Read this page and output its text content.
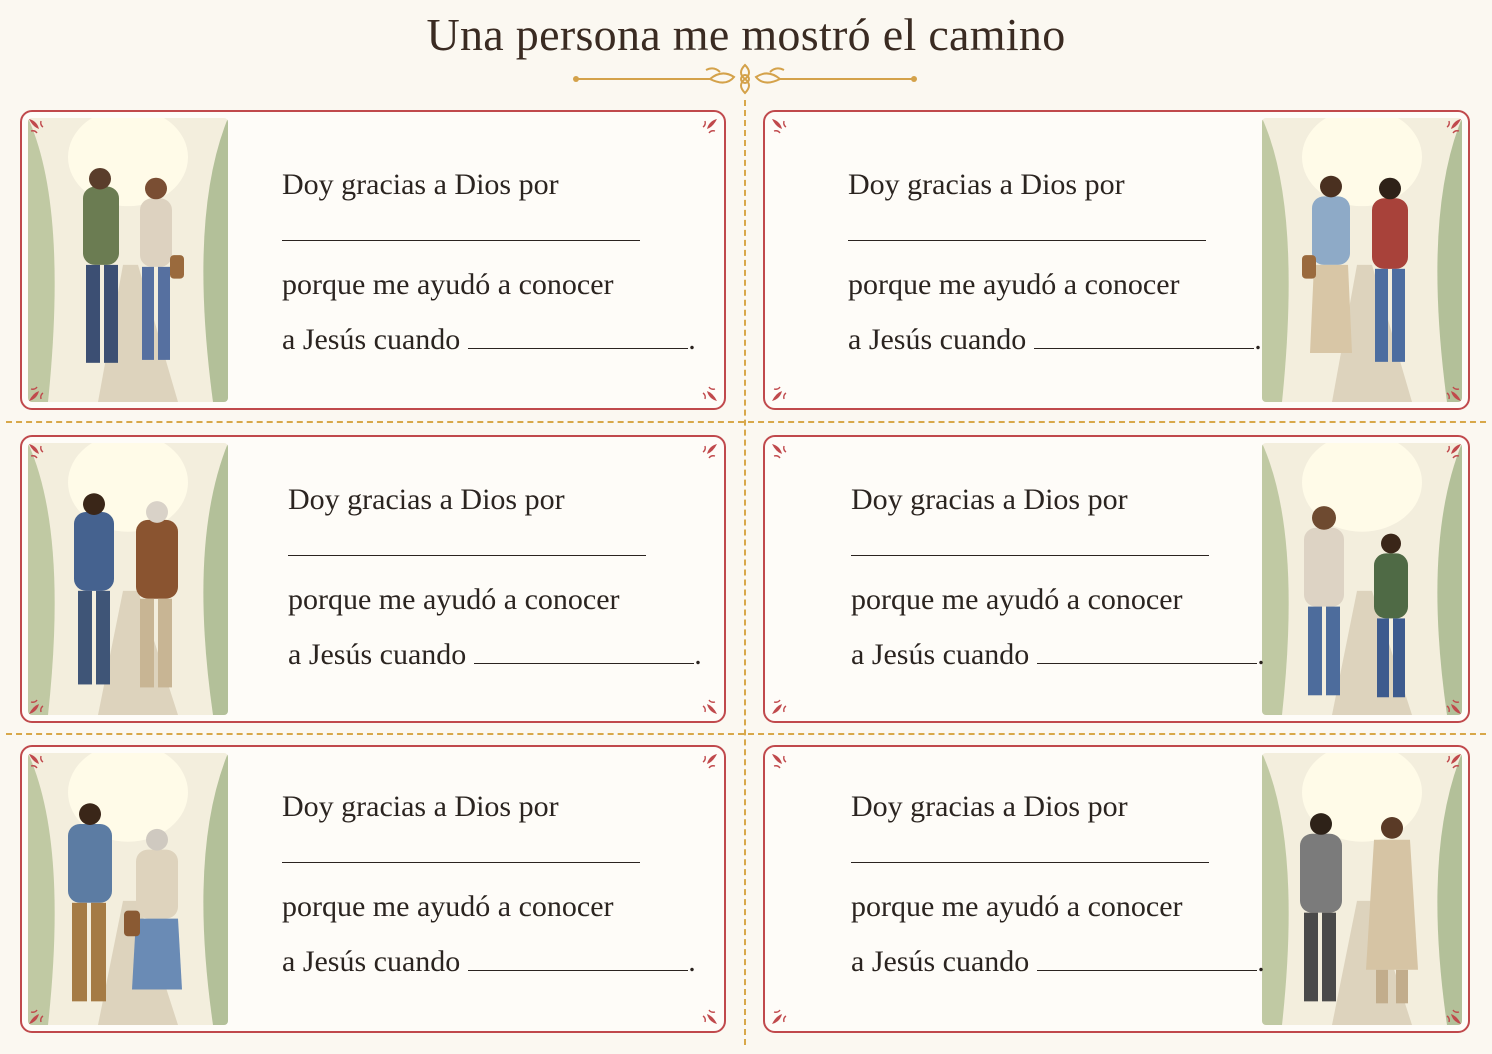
Una persona me mostró el camino
Doy gracias a Dios por
porque me ayudó a conocer
a Jesús cuando	.
Doy gracias a Dios por
porque me ayudó a conocer
a Jesús cuando	.
Doy gracias a Dios por
porque me ayudó a conocer
a Jesús cuando	.
Doy gracias a Dios por
porque me ayudó a conocer
a Jesús cuando	.
Doy gracias a Dios por
porque me ayudó a conocer
a Jesús cuando	.
Doy gracias a Dios por
porque me ayudó a conocer
a Jesús cuando	.
